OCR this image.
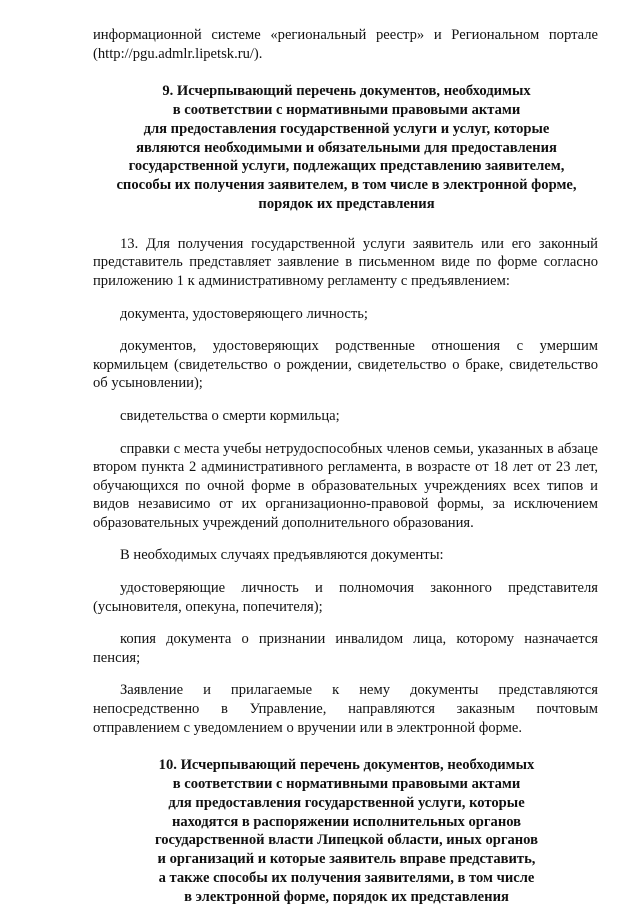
информационной системе «региональный реестр» и Региональном портале (http://pgu.admlr.lipetsk.ru/).

9. Исчерпывающий перечень документов, необходимых
в соответствии с нормативными правовыми актами
для предоставления государственной услуги и услуг, которые
являются необходимыми и обязательными для предоставления
государственной услуги, подлежащих представлению заявителем,
способы их получения заявителем, в том числе в электронной форме,
порядок их представления

13. Для получения государственной услуги заявитель или его законный представитель представляет заявление в письменном виде по форме согласно приложению 1 к административному регламенту с предъявлением:

документа, удостоверяющего личность;

документов, удостоверяющих родственные отношения с умершим кормильцем (свидетельство о рождении, свидетельство о браке, свидетельство об усыновлении);

свидетельства о смерти кормильца;

справки с места учебы нетрудоспособных членов семьи, указанных в абзаце втором пункта 2 административного регламента, в возрасте от 18 лет от 23 лет, обучающихся по очной форме в образовательных учреждениях всех типов и видов независимо от их организационно-правовой формы, за исключением образовательных учреждений дополнительного образования.

В необходимых случаях предъявляются документы:

удостоверяющие личность и полномочия законного представителя (усыновителя, опекуна, попечителя);

копия документа о признании инвалидом лица, которому назначается пенсия;

Заявление и прилагаемые к нему документы представляются непосредственно в Управление, направляются заказным почтовым отправлением с уведомлением о вручении или в электронной форме.

10. Исчерпывающий перечень документов, необходимых
в соответствии с нормативными правовыми актами
для предоставления государственной услуги, которые
находятся в распоряжении исполнительных органов
государственной власти Липецкой области, иных органов
и организаций и которые заявитель вправе представить,
а также способы их получения заявителями, в том числе
в электронной форме, порядок их представления
